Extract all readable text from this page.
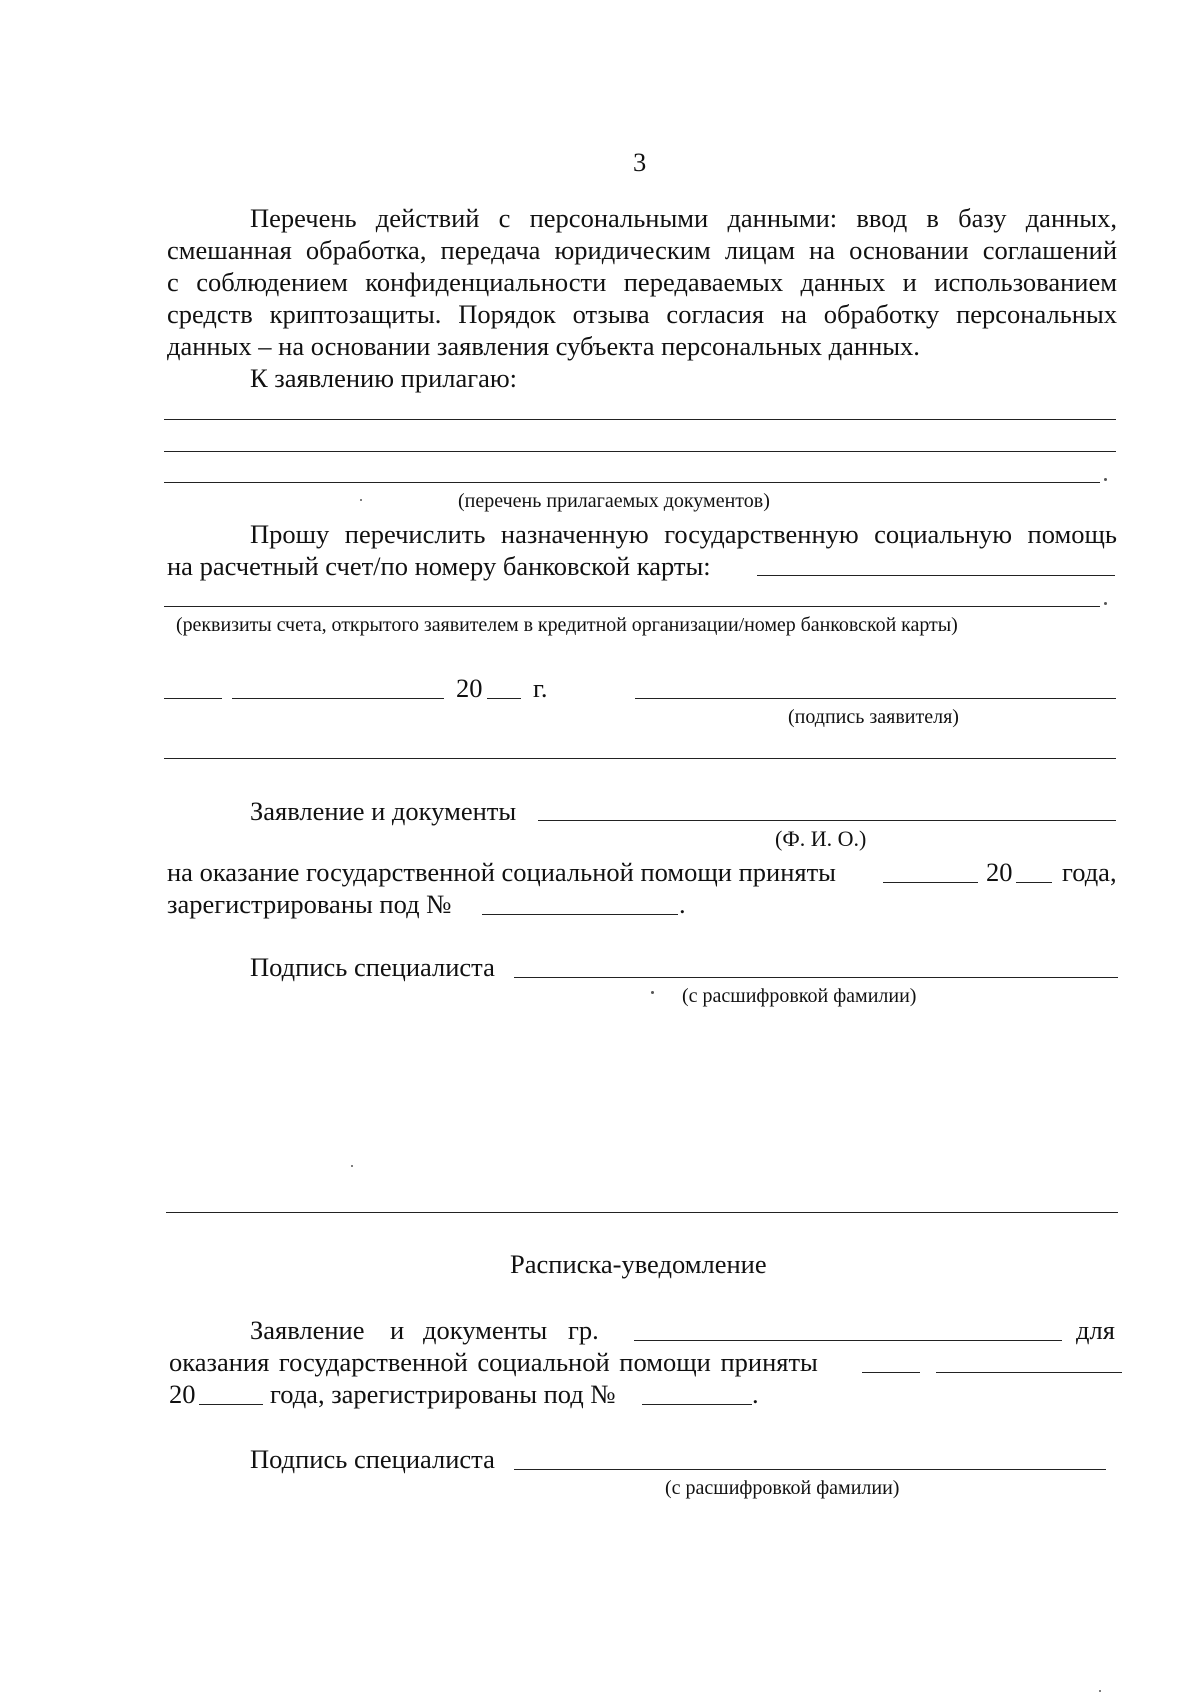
3
Перечень действий с персональными данными: ввод в базу данных,
смешанная обработка, передача юридическим лицам на основании соглашений
с соблюдением конфиденциальности передаваемых данных и использованием
средств криптозащиты. Порядок отзыва согласия на обработку персональных
данных – на основании заявления субъекта персональных данных.
К заявлению прилагаю:
(перечень прилагаемых документов)
Прошу перечислить назначенную государственную социальную помощь
на расчетный счет/по номеру банковской карты:
(реквизиты счета, открытого заявителем в кредитной организации/номер банковской карты)
20 г.
(подпись заявителя)
Заявление и документы
(Ф. И. О.)
на оказание государственной социальной помощи приняты	20 года,
зарегистрированы под №	.
Подпись специалиста
(с расшифровкой фамилии)
Расписка-уведомление
Заявление и документы гр.	для
оказания государственной социальной помощи приняты
20	года, зарегистрированы под №	.
Подпись специалиста
(с расшифровкой фамилии)
